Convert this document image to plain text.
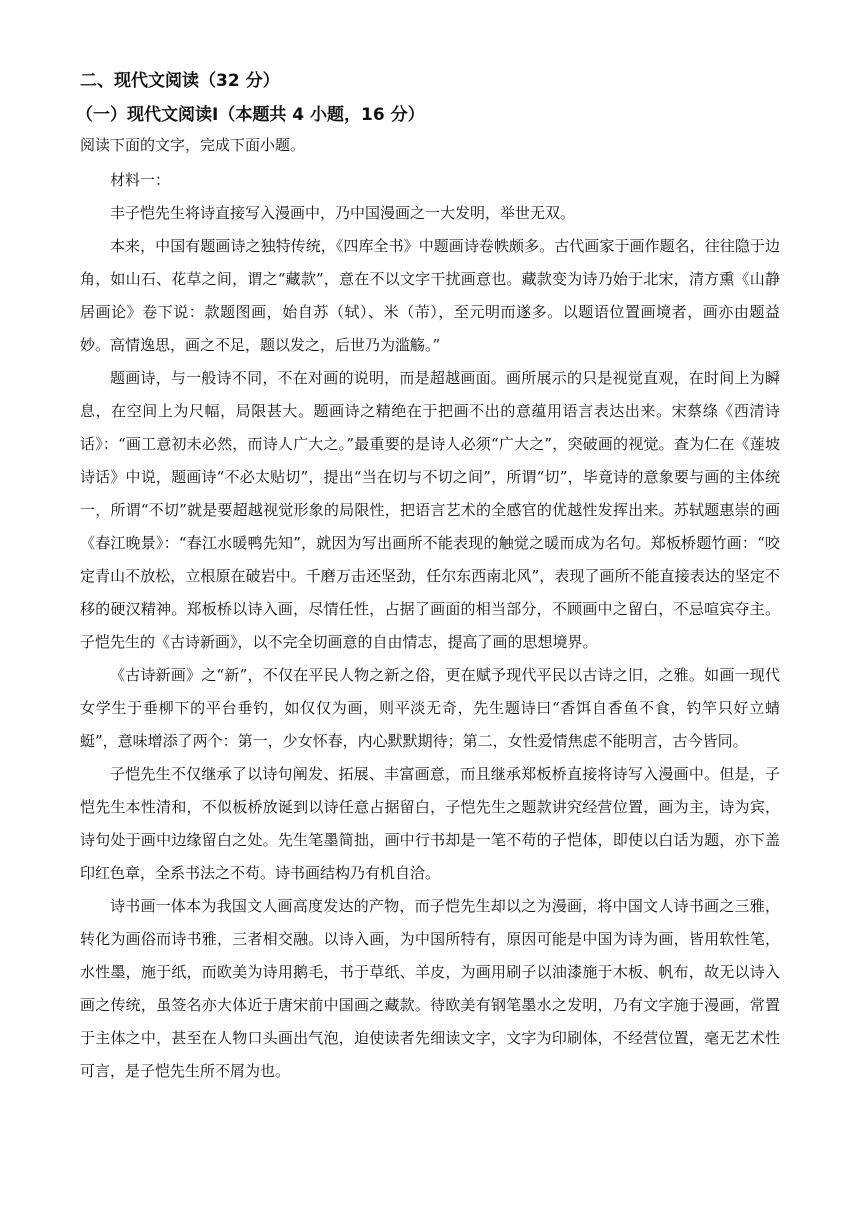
二、现代文阅读（32 分）
（一）现代文阅读Ⅰ（本题共 4 小题，16 分）
阅读下面的文字，完成下面小题。

材料一：

丰子恺先生将诗直接写入漫画中，乃中国漫画之一大发明，举世无双。

本来，中国有题画诗之独特传统，《四库全书》中题画诗卷帙颇多。古代画家于画作题名，往往隐于边角，如山石、花草之间，谓之“藏款”，意在不以文字干扰画意也。藏款变为诗乃始于北宋，清方熏《山静居画论》卷下说：款题图画，始自苏（轼）、米（芾），至元明而遂多。以题语位置画境者，画亦由题益妙。高情逸思，画之不足，题以发之，后世乃为滥觞。”

题画诗，与一般诗不同，不在对画的说明，而是超越画面。画所展示的只是视觉直观，在时间上为瞬息，在空间上为尺幅，局限甚大。题画诗之精绝在于把画不出的意蕴用语言表达出来。宋蔡绦《西清诗话》：“画工意初未必然，而诗人广大之。”最重要的是诗人必须“广大之”，突破画的视觉。查为仁在《莲坡诗话》中说，题画诗“不必太贴切”，提出“当在切与不切之间”，所谓“切”，毕竟诗的意象要与画的主体统一，所谓“不切”就是要超越视觉形象的局限性，把语言艺术的全感官的优越性发挥出来。苏轼题惠崇的画《春江晚景》：“春江水暖鸭先知”，就因为写出画所不能表现的触觉之暖而成为名句。郑板桥题竹画：“咬定青山不放松，立根原在破岩中。千磨万击还坚劲，任尔东西南北风”，表现了画所不能直接表达的坚定不移的硬汉精神。郑板桥以诗入画，尽情任性，占据了画面的相当部分，不顾画中之留白，不忌喧宾夺主。子恺先生的《古诗新画》，以不完全切画意的自由情志，提高了画的思想境界。

《古诗新画》之“新”，不仅在平民人物之新之俗，更在赋予现代平民以古诗之旧，之雅。如画一现代女学生于垂柳下的平台垂钓，如仅仅为画，则平淡无奇，先生题诗曰“香饵自香鱼不食，钓竿只好立蜻蜓”，意味增添了两个：第一，少女怀春，内心默默期待；第二，女性爱情焦虑不能明言，古今皆同。

子恺先生不仅继承了以诗句阐发、拓展、丰富画意，而且继承郑板桥直接将诗写入漫画中。但是，子恺先生本性清和，不似板桥放诞到以诗任意占据留白，子恺先生之题款讲究经营位置，画为主，诗为宾，诗句处于画中边缘留白之处。先生笔墨简拙，画中行书却是一笔不苟的子恺体，即使以白话为题，亦下盖印红色章，全系书法之不苟。诗书画结构乃有机自洽。

诗书画一体本为我国文人画高度发达的产物，而子恺先生却以之为漫画，将中国文人诗书画之三雅，转化为画俗而诗书雅，三者相交融。以诗入画，为中国所特有，原因可能是中国为诗为画，皆用软性笔，水性墨，施于纸，而欧美为诗用鹅毛，书于草纸、羊皮，为画用刷子以油漆施于木板、帆布，故无以诗入画之传统，虽签名亦大体近于唐宋前中国画之藏款。待欧美有钢笔墨水之发明，乃有文字施于漫画，常置于主体之中，甚至在人物口头画出气泡，迫使读者先细读文字，文字为印刷体，不经营位置，毫无艺术性可言，是子恺先生所不屑为也。
